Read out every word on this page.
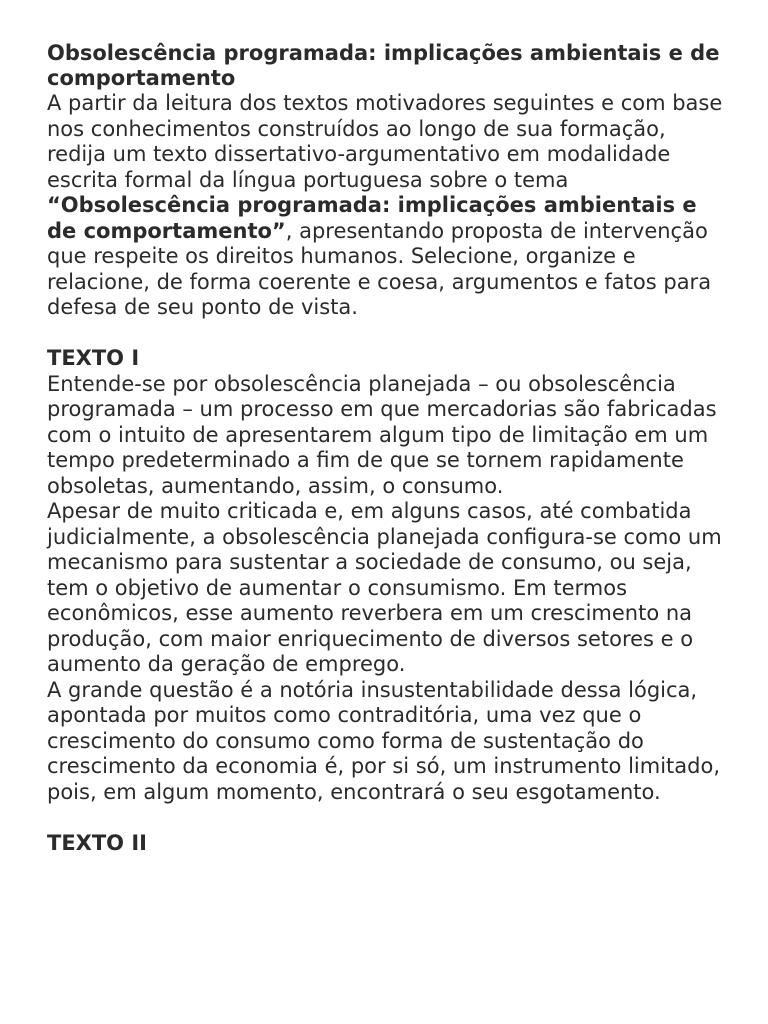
Obsolescência programada: implicações ambientais e de comportamento

A partir da leitura dos textos motivadores seguintes e com base nos conhecimentos construídos ao longo de sua formação, redija um texto dissertativo-argumentativo em modalidade escrita formal da língua portuguesa sobre o tema “Obsolescência programada: implicações ambientais e de comportamento”, apresentando proposta de intervenção que respeite os direitos humanos. Selecione, organize e relacione, de forma coerente e coesa, argumentos e fatos para defesa de seu ponto de vista.

TEXTO I

Entende-se por obsolescência planejada – ou obsolescência programada – um processo em que mercadorias são fabricadas com o intuito de apresentarem algum tipo de limitação em um tempo predeterminado a fim de que se tornem rapidamente obsoletas, aumentando, assim, o consumo.

Apesar de muito criticada e, em alguns casos, até combatida judicialmente, a obsolescência planejada configura-se como um mecanismo para sustentar a sociedade de consumo, ou seja, tem o objetivo de aumentar o consumismo. Em termos econômicos, esse aumento reverbera em um crescimento na produção, com maior enriquecimento de diversos setores e o aumento da geração de emprego.

A grande questão é a notória insustentabilidade dessa lógica, apontada por muitos como contraditória, uma vez que o crescimento do consumo como forma de sustentação do crescimento da economia é, por si só, um instrumento limitado, pois, em algum momento, encontrará o seu esgotamento.

TEXTO II
